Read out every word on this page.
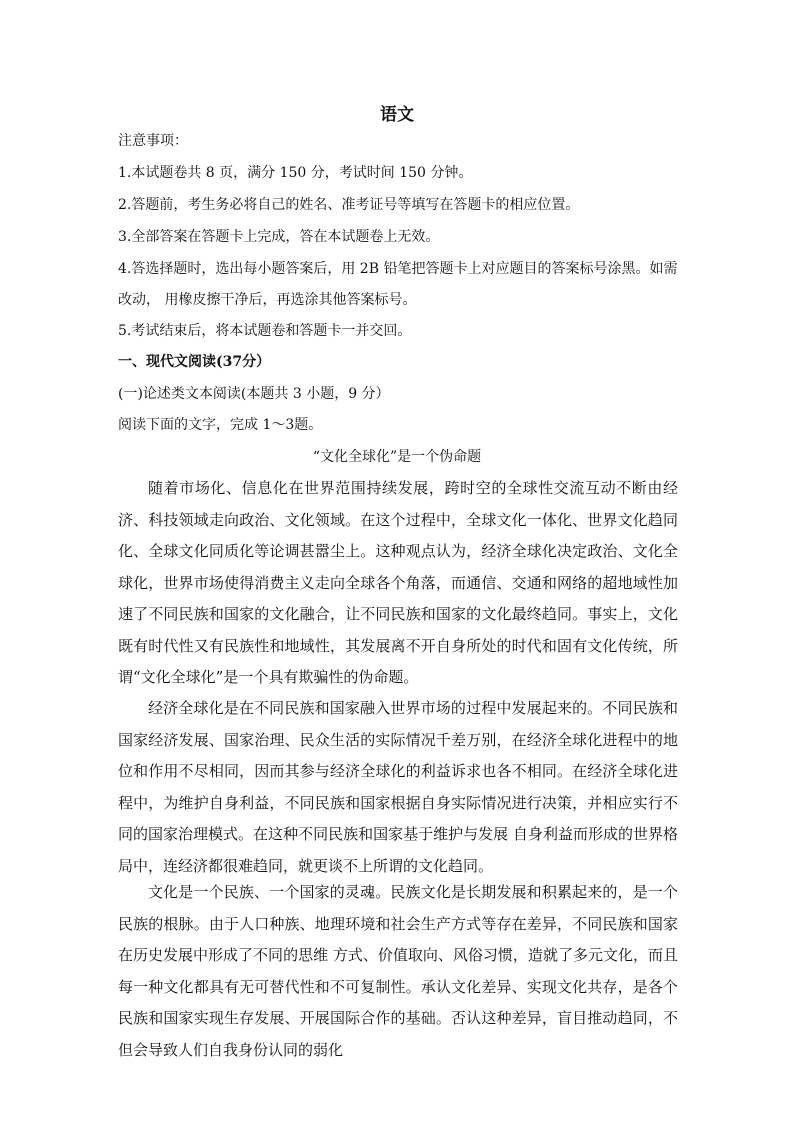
语文
注意事项：
1.本试题卷共 8 页，满分 150 分，考试时间 150 分钟。
2.答题前，考生务必将自己的姓名、准考证号等填写在答题卡的相应位置。
3.全部答案在答题卡上完成，答在本试题卷上无效。
4.答选择题时，选出每小题答案后，用 2B 铅笔把答题卡上对应题目的答案标号涂黑。如需
改动， 用橡皮擦干净后，再选涂其他答案标号。
5.考试结束后，将本试题卷和答题卡一并交回。
一、现代文阅读(37分）
(一)论述类文本阅读(本题共 3 小题，9 分）
阅读下面的文字，完成 1～3题。
“文化全球化”是一个伪命题
随着市场化、信息化在世界范围持续发展，跨时空的全球性交流互动不断由经济、科技领域走向政治、文化领域。在这个过程中，全球文化一体化、世界文化趋同化、全球文化同质化等论调甚嚣尘上。这种观点认为，经济全球化决定政治、文化全球化，世界市场使得消费主义走向全球各个角落，而通信、交通和网络的超地域性加速了不同民族和国家的文化融合，让不同民族和国家的文化最终趋同。事实上，文化既有时代性又有民族性和地域性，其发展离不开自身所处的时代和固有文化传统，所谓“文化全球化”是一个具有欺骗性的伪命题。
经济全球化是在不同民族和国家融入世界市场的过程中发展起来的。不同民族和国家经济发展、国家治理、民众生活的实际情况千差万别，在经济全球化进程中的地位和作用不尽相同，因而其参与经济全球化的利益诉求也各不相同。在经济全球化进程中，为维护自身利益，不同民族和国家根据自身实际情况进行决策，并相应实行不同的国家治理模式。在这种不同民族和国家基于维护与发展 自身利益而形成的世界格局中，连经济都很难趋同，就更谈不上所谓的文化趋同。
文化是一个民族、一个国家的灵魂。民族文化是长期发展和积累起来的，是一个民族的根脉。由于人口种族、地理环境和社会生产方式等存在差异，不同民族和国家在历史发展中形成了不同的思维 方式、价值取向、风俗习惯，造就了多元文化，而且每一种文化都具有无可替代性和不可复制性。承认文化差异、实现文化共存，是各个民族和国家实现生存发展、开展国际合作的基础。否认这种差异，盲目推动趋同，不但会导致人们自我身份认同的弱化
